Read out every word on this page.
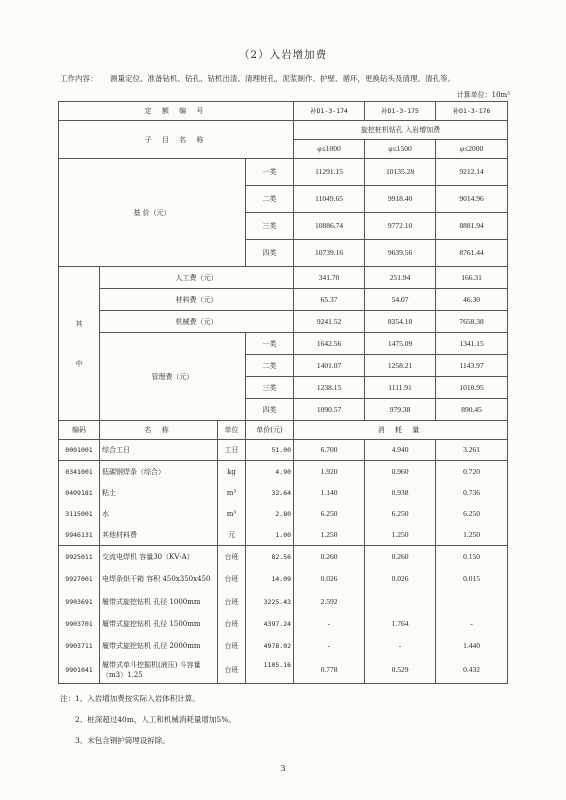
（2）入岩增加费
工作内容： 测量定位、准备钻机、钻孔、钻机出渣、清理桩孔，泥浆制作、护壁、循环，更换钻头及清理、清孔等。
计算单位：10m³
定 额 编 号				补D1-3-174	补D1-3-175	补D1-3-176
子 目 名 称				旋挖桩机钻孔 入岩增加费		
				φ≤1000	φ≤1500	φ≤2000
基 价（元）			一类	11291.15	10135.28	9212.14
			二类	11049.65	9918.40	9014.96
			三类	10886.74	9772.10	8881.94
			四类	10739.16	9639.56	8761.44

其
中	人工费（元）			341.70	251.94	166.31
	材料费（元）			65.37	54.07	46.30
	机械费（元）			9241.52	8354.18	7658.38
	管理费（元）		一类	1642.56	1475.09	1341.15
			二类	1401.07	1258.21	1143.97
			三类	1238.15	1111.91	1010.95
			四类	1090.57	979.38	890.45
编码	名 称	单位	单价(元)	消 耗 量		
0001001	综合工日	工日	51.00	6.700	4.940	3.261
0341001	低碳钢焊条（综合）	kg	4.90	1.920	0.960	0.720
0409181	粘土	m³	32.64	1.140	0.938	0.736
3115001	水	m³	2.80	6.250	6.250	6.250
9946131	其他材料费	元	1.00	1.250	1.250	1.250
9925011	交流电焊机 容量30（KV·A）	台班	82.56	0.260	0.260	0.150
9927001	电焊条烘干箱 容积 450x350x450	台班	14.09	0.026	0.026	0.015
9903691	履带式旋挖钻机 孔径 1000mm	台班	3225.43	2.592		
9903701	履带式旋挖钻机 孔径 1500mm	台班	4397.24	-	1.764	-
9903711	履带式旋挖钻机 孔径 2000mm	台班	4978.02	-	-	1.440
9901041	履带式单斗挖掘机(液压) 斗容量（m3）1.25	台班	1105.16	0.778	0.529	0.432
注：1、入岩增加费按实际入岩体积计算。
2、桩深超过40m，人工和机械消耗量增加5%。
3、未包含钢护筒埋设拆除。
3
